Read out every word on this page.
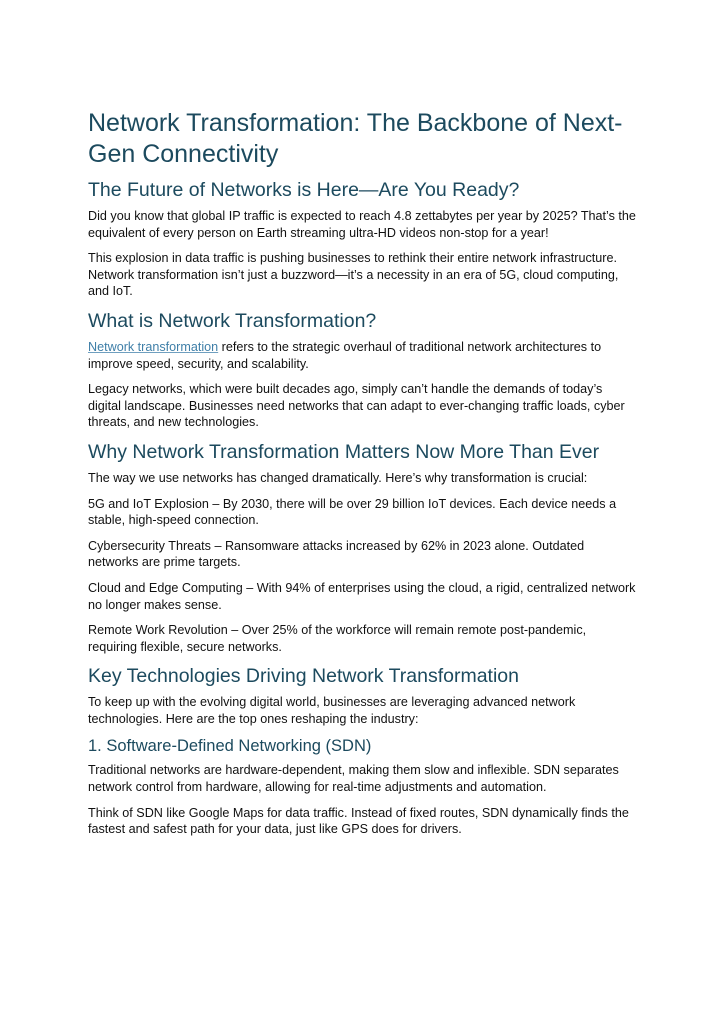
Network Transformation: The Backbone of Next-Gen Connectivity
The Future of Networks is Here—Are You Ready?

Did you know that global IP traffic is expected to reach 4.8 zettabytes per year by 2025? That’s the equivalent of every person on Earth streaming ultra-HD videos non-stop for a year!

This explosion in data traffic is pushing businesses to rethink their entire network infrastructure. Network transformation isn’t just a buzzword—it’s a necessity in an era of 5G, cloud computing, and IoT.

What is Network Transformation?

Network transformation refers to the strategic overhaul of traditional network architectures to improve speed, security, and scalability.

Legacy networks, which were built decades ago, simply can’t handle the demands of today’s digital landscape. Businesses need networks that can adapt to ever-changing traffic loads, cyber threats, and new technologies.

Why Network Transformation Matters Now More Than Ever

The way we use networks has changed dramatically. Here’s why transformation is crucial:

5G and IoT Explosion – By 2030, there will be over 29 billion IoT devices. Each device needs a stable, high-speed connection.

Cybersecurity Threats – Ransomware attacks increased by 62% in 2023 alone. Outdated networks are prime targets.

Cloud and Edge Computing – With 94% of enterprises using the cloud, a rigid, centralized network no longer makes sense.

Remote Work Revolution – Over 25% of the workforce will remain remote post-pandemic, requiring flexible, secure networks.

Key Technologies Driving Network Transformation

To keep up with the evolving digital world, businesses are leveraging advanced network technologies. Here are the top ones reshaping the industry:

1. Software-Defined Networking (SDN)

Traditional networks are hardware-dependent, making them slow and inflexible. SDN separates network control from hardware, allowing for real-time adjustments and automation.

Think of SDN like Google Maps for data traffic. Instead of fixed routes, SDN dynamically finds the fastest and safest path for your data, just like GPS does for drivers.
